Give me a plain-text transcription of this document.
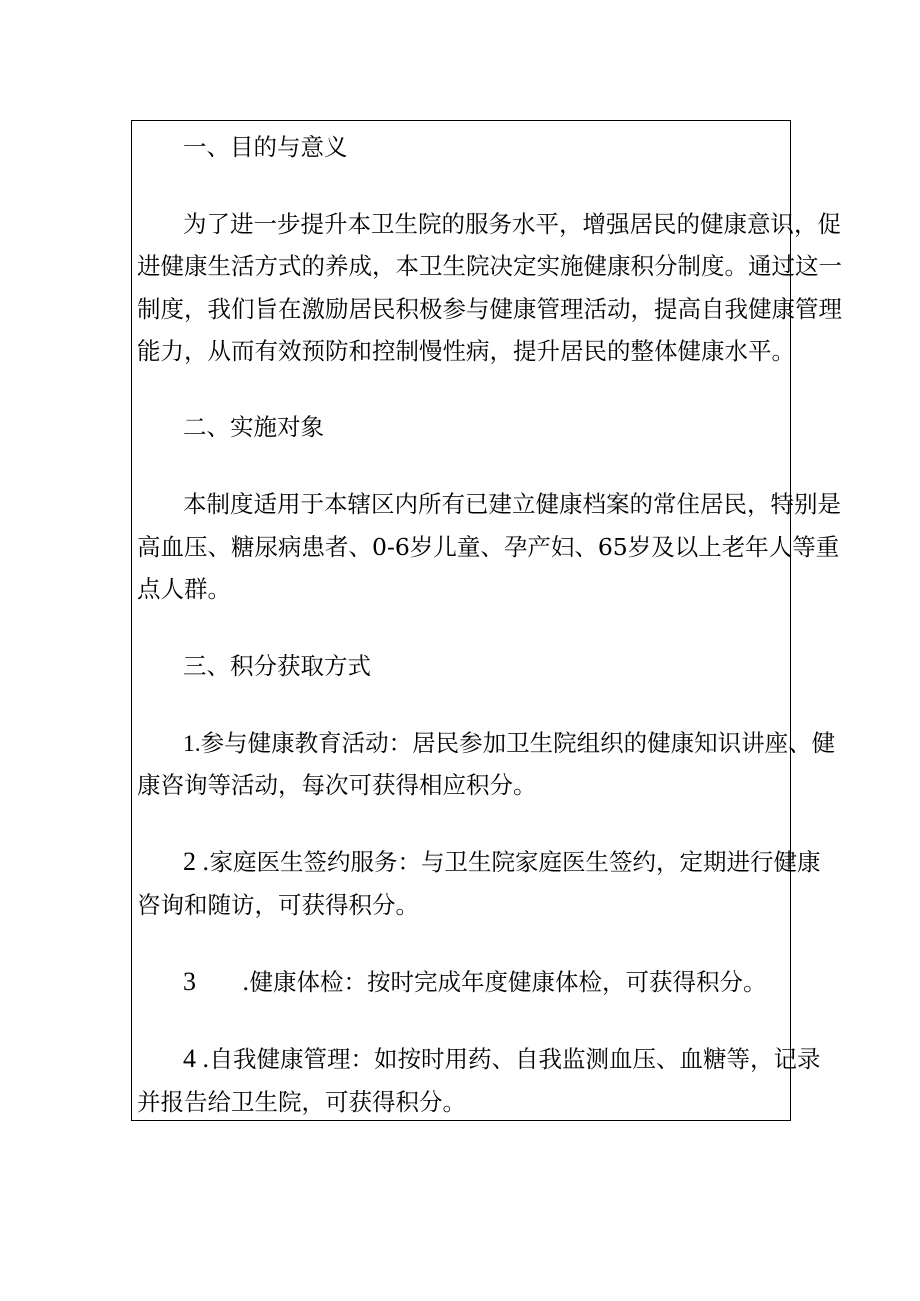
一、目的与意义

为了进一步提升本卫生院的服务水平，增强居民的健康意识，促

进健康生活方式的养成，本卫生院决定实施健康积分制度。通过这一

制度，我们旨在激励居民积极参与健康管理活动，提高自我健康管理

能力，从而有效预防和控制慢性病，提升居民的整体健康水平。

二、实施对象

本制度适用于本辖区内所有已建立健康档案的常住居民，特别是

高血压、糖尿病患者、0-6岁儿童、孕产妇、65岁及以上老年人等重

点人群。

三、积分获取方式

1.参与健康教育活动：居民参加卫生院组织的健康知识讲座、健

康咨询等活动，每次可获得相应积分。

2 .家庭医生签约服务：与卫生院家庭医生签约，定期进行健康

咨询和随访，可获得积分。

3 .健康体检：按时完成年度健康体检，可获得积分。

4 .自我健康管理：如按时用药、自我监测血压、血糖等，记录

并报告给卫生院，可获得积分。
